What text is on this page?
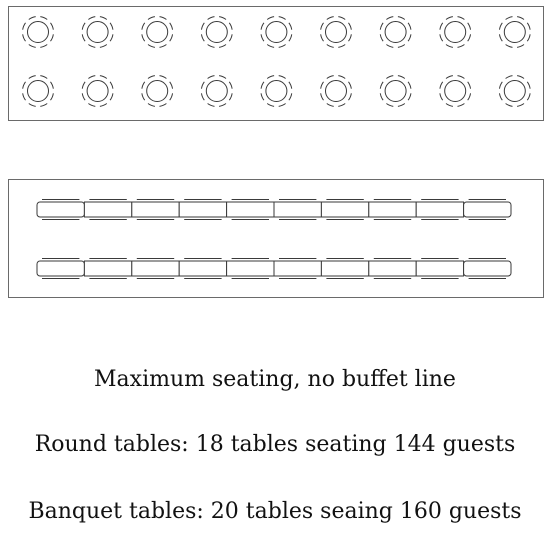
Maximum seating, no buffet line
Round tables: 18 tables seating 144 guests
Banquet tables: 20 tables seaing 160 guests
